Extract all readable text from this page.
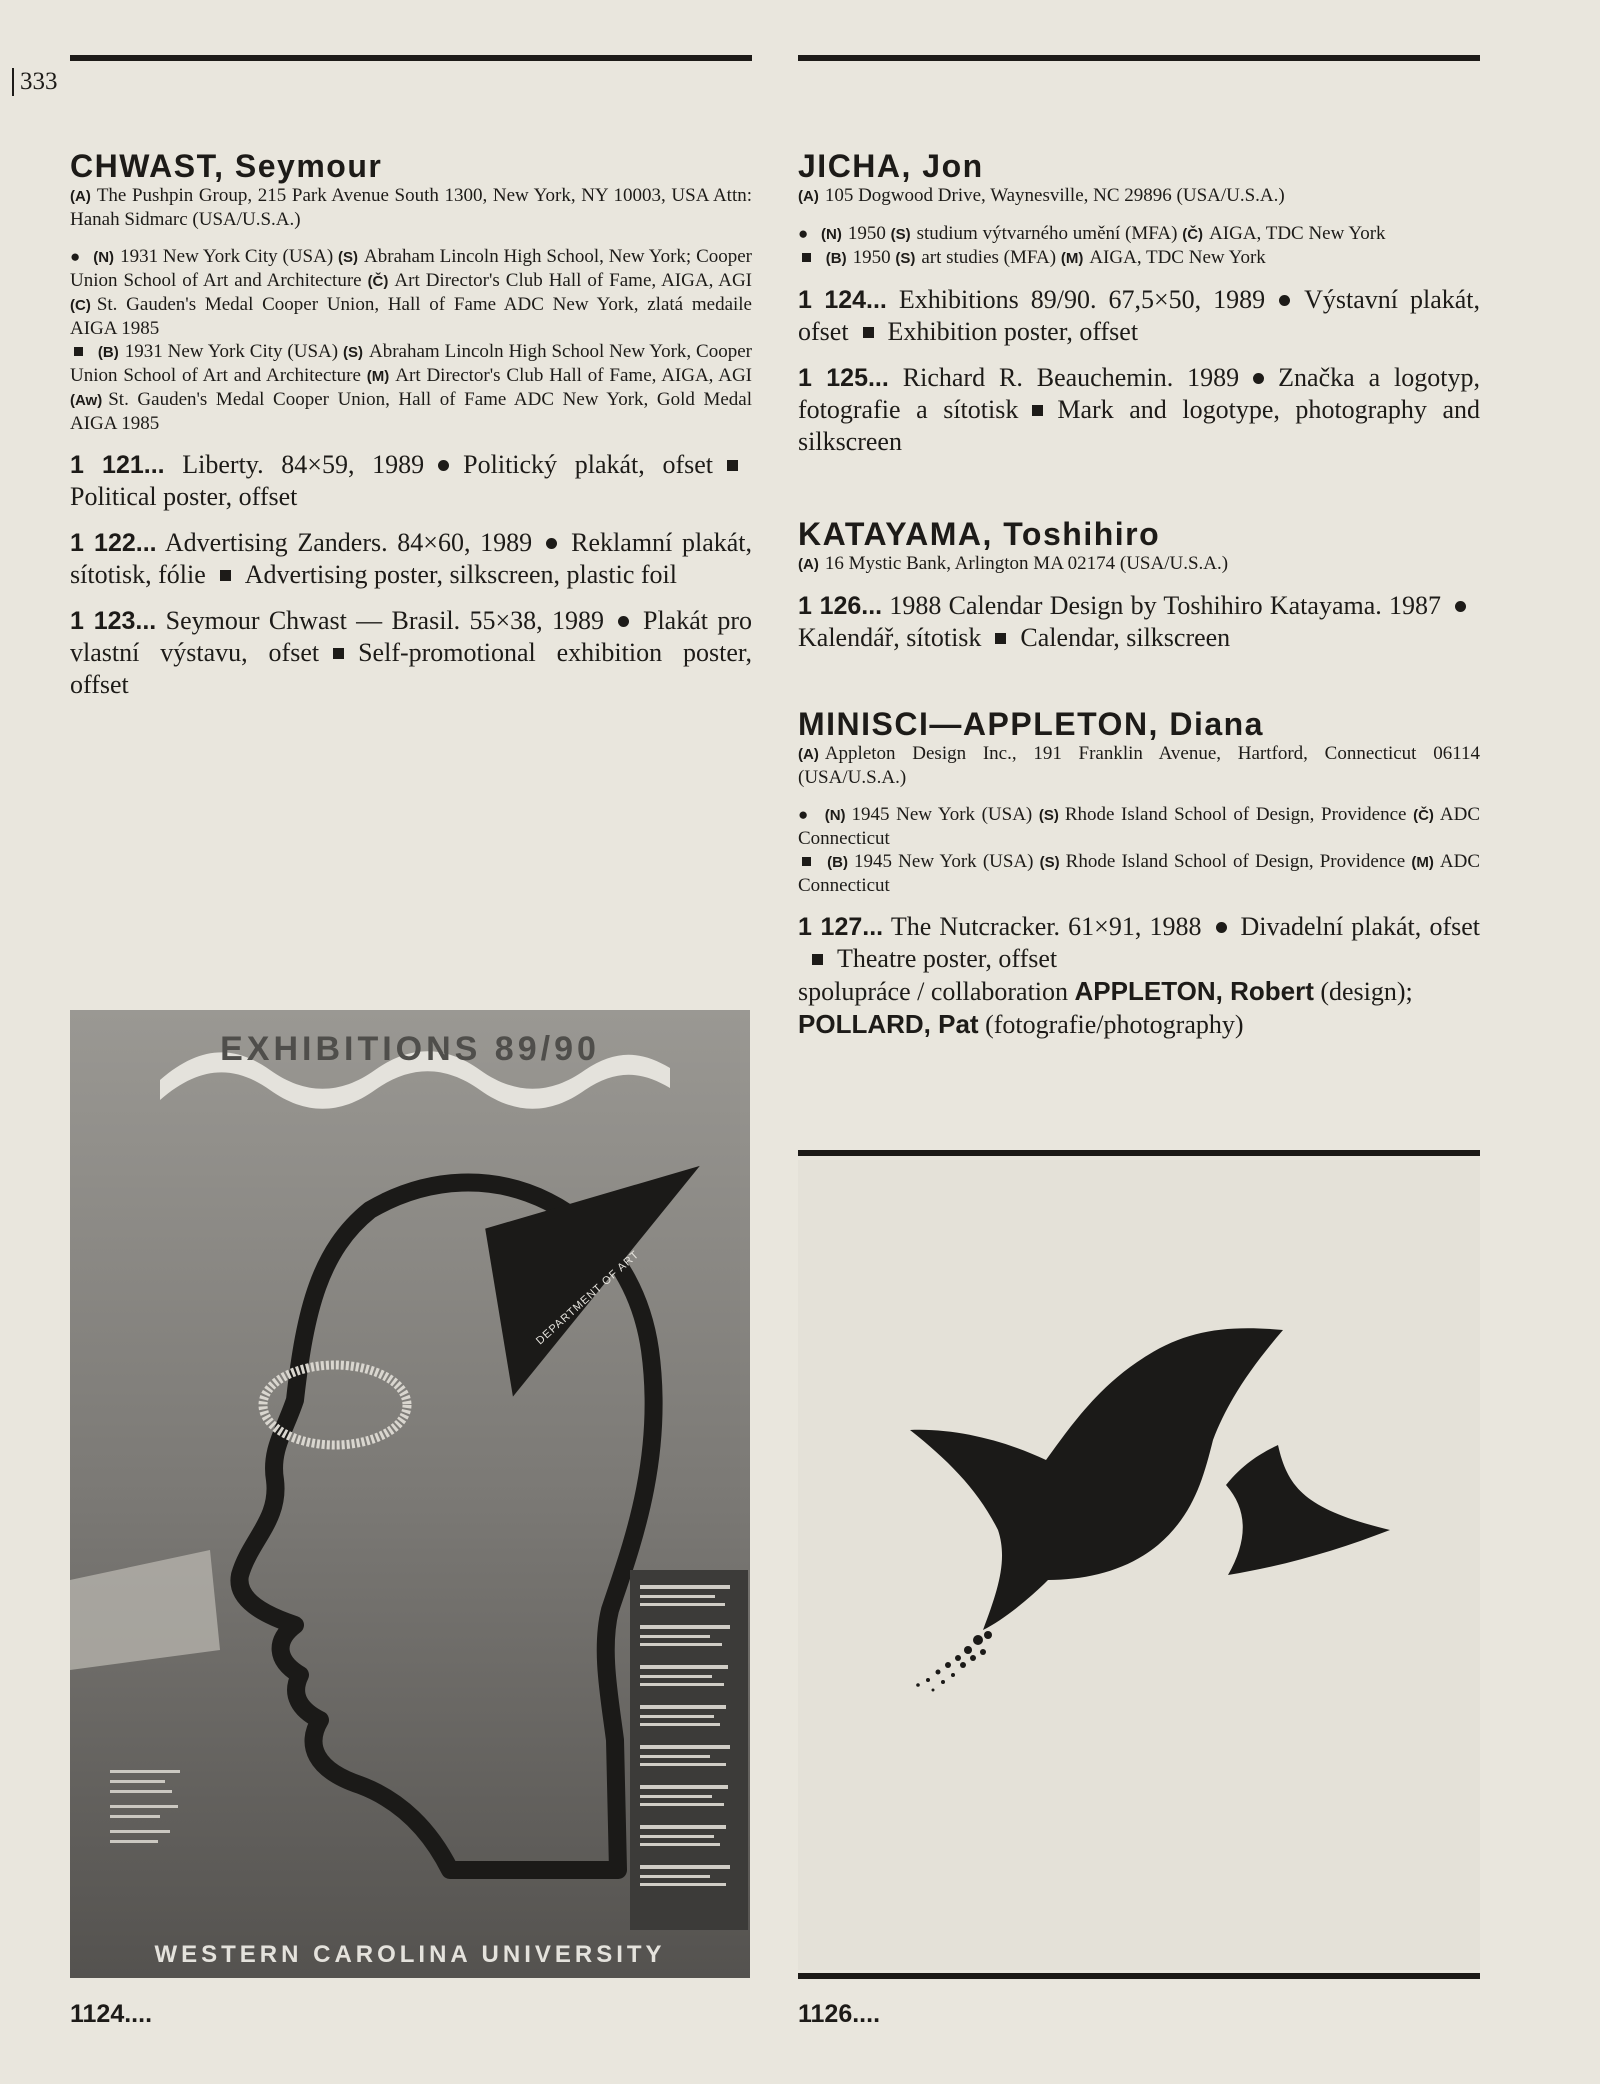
333
CHWAST, Seymour

(A) The Pushpin Group, 215 Park Avenue South 1300, New York, NY 10003, USA Attn: Hanah Sidmarc (USA/U.S.A.)

● (N) 1931 New York City (USA) (S) Abraham Lincoln High School, New York; Cooper Union School of Art and Architecture (Č) Art Director's Club Hall of Fame, AIGA, AGI (C) St. Gauden's Medal Cooper Union, Hall of Fame ADC New York, zlatá medaile AIGA 1985

(B) 1931 New York City (USA) (S) Abraham Lincoln High School New York, Cooper Union School of Art and Architecture (M) Art Director's Club Hall of Fame, AIGA, AGI (Aw) St. Gauden's Medal Cooper Union, Hall of Fame ADC New York, Gold Medal AIGA 1985

1 121... Liberty. 84×59, 1989 Politický plakát, ofsetPolitical poster, offset

1 122... Advertising Zanders. 84×60, 1989 Reklamní plakát, sítotisk, fólie Advertising poster, silkscreen, plastic foil

1 123... Seymour Chwast — Brasil. 55×38, 1989 Plakát pro vlastní výstavu, ofset Self-promotional exhibition poster, offset

EXHIBITIONS 89/90
DEPARTMENT OF ART
WESTERN CAROLINA UNIVERSITY
1124....
JICHA, Jon

(A) 105 Dogwood Drive, Waynesville, NC 29896 (USA/U.S.A.)

● (N) 1950 (S) studium výtvarného umění (MFA) (Č) AIGA, TDC New York

(B) 1950 (S) art studies (MFA) (M) AIGA, TDC New York

1 124... Exhibitions 89/90. 67,5×50, 1989 Výstavní plakát, ofset Exhibition poster, offset

1 125... Richard R. Beauchemin. 1989 Značka a logotyp, fotografie a sítotisk Mark and logotype, photography and silkscreen

KATAYAMA, Toshihiro

(A) 16 Mystic Bank, Arlington MA 02174 (USA/U.S.A.)

1 126... 1988 Calendar Design by Toshihiro Katayama. 1987Kalendář, sítotisk Calendar, silkscreen

MINISCI—APPLETON, Diana

(A) Appleton Design Inc., 191 Franklin Avenue, Hartford, Connecticut 06114 (USA/U.S.A.)

● (N) 1945 New York (USA) (S) Rhode Island School of Design, Providence (Č) ADC Connecticut

(B) 1945 New York (USA) (S) Rhode Island School of Design, Providence (M) ADC Connecticut

1 127... The Nutcracker. 61×91, 1988 Divadelní plakát, ofsetTheatre poster, offset

spolupráce / collaboration APPLETON, Robert (design); POLLARD, Pat (fotografie/photography)

1126....
